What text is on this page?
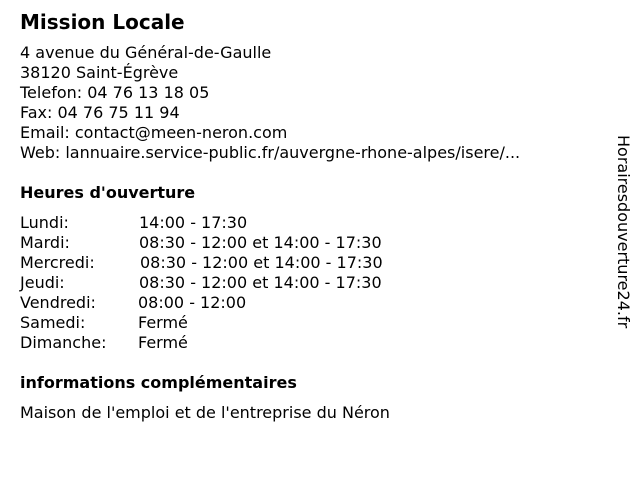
Mission Locale
4 avenue du Général-de-Gaulle
38120 Saint-Égrève
Telefon: 04 76 13 18 05
Fax: 04 76 75 11 94
Email: contact@meen-neron.com
Web: lannuaire.service-public.fr/auvergne-rhone-alpes/isere/...
Heures d'ouverture
Lundi:	14:00 - 17:30
Mardi:	08:30 - 12:00 et 14:00 - 17:30
Mercredi:	08:30 - 12:00 et 14:00 - 17:30
Jeudi:	08:30 - 12:00 et 14:00 - 17:30
Vendredi:	08:00 - 12:00
Samedi:	Fermé
Dimanche: Fermé
informations complémentaires
Maison de l'emploi et de l'entreprise du Néron
Horairesdouverture24.fr
